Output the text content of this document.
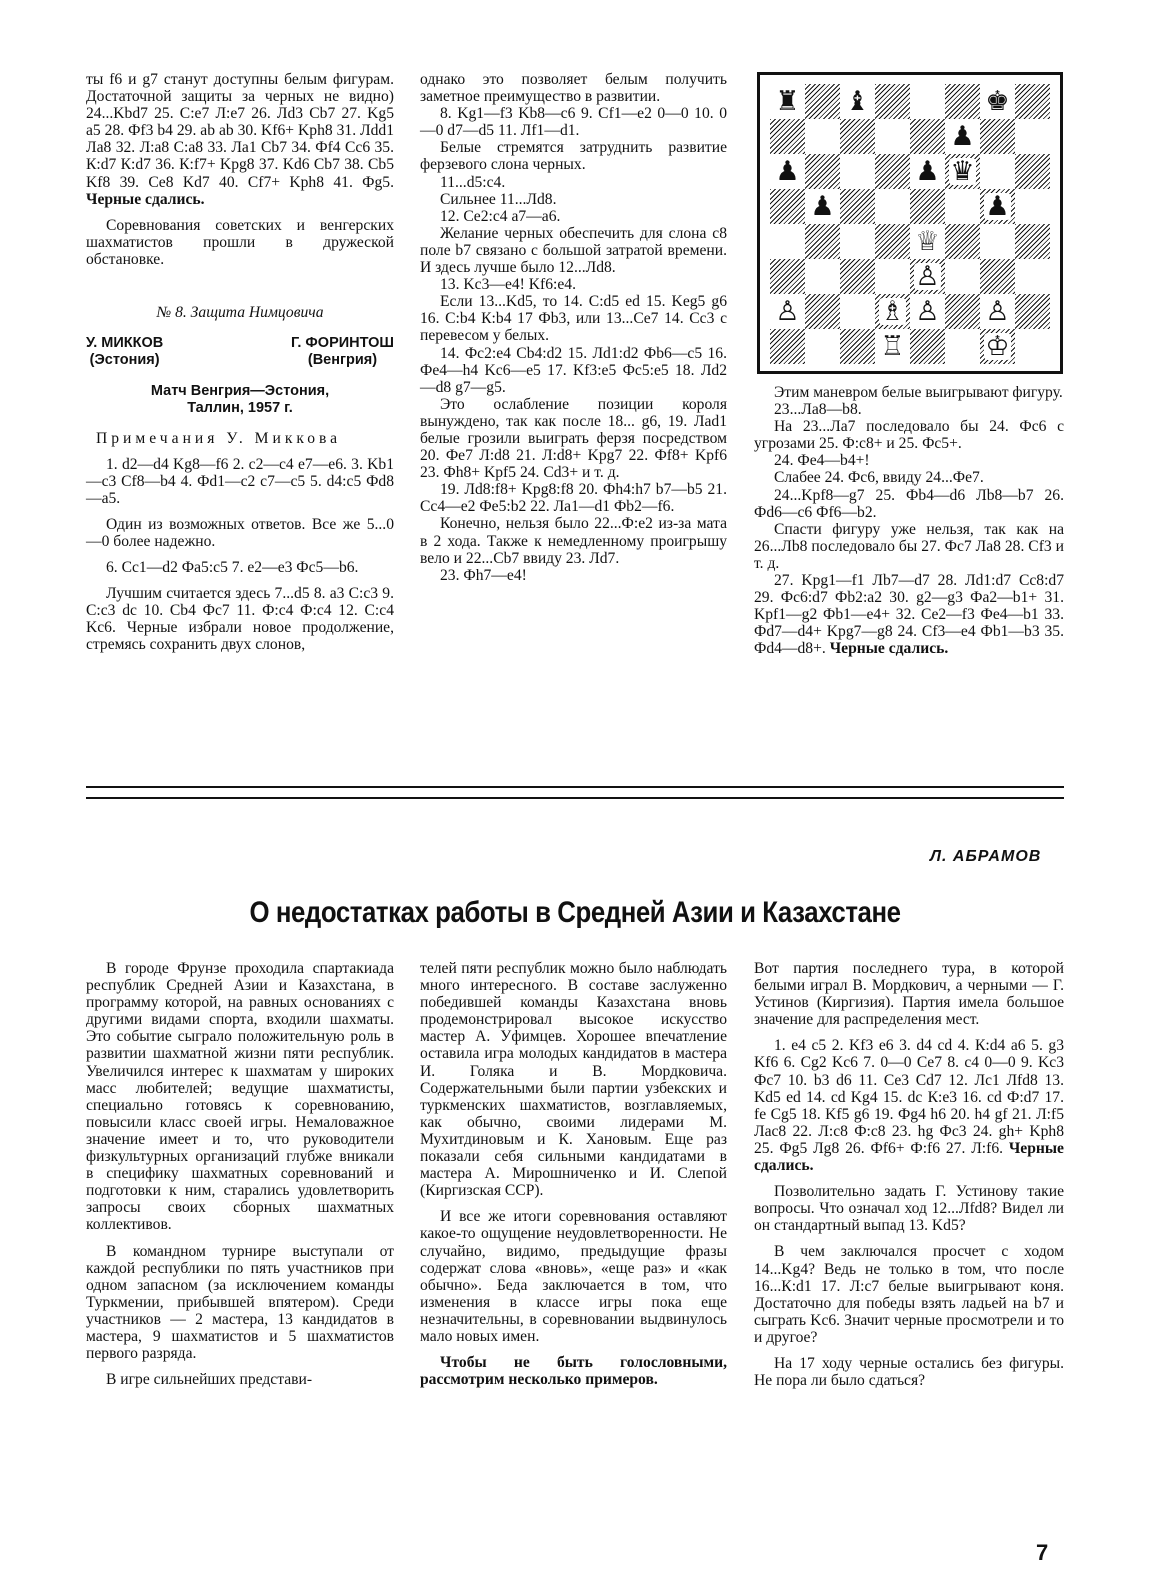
ты f6 и g7 станут доступны белым фигурам. Достаточной защиты за черных не видно) 24...Kbd7 25. С:е7 Л:е7 26. Лd3 Cb7 27. Kg5 a5 28. Фf3 b4 29. ab ab 30. Kf6+ Kph8 31. Лdd1 Ла8 32. Л:а8 С:а8 33. Ла1 Cb7 34. Фf4 Cc6 35. К:d7 К:d7 36. К:f7+ Kpg8 37. Kd6 Cb7 38. Cb5 Kf8 39. Ce8 Kd7 40. Cf7+ Kph8 41. Фg5. Черные сдались.

Соревнования советских и венгерских шахматистов прошли в дружеской обстановке.

№ 8. Защита Нимцовича

У. МИККОВ
(Эстония)
Г. ФОРИНТОШ
(Венгрия)

Матч Венгрия—Эстония,
Таллин, 1957 г.

Примечания У. Миккова

1. d2—d4 Kg8—f6 2. c2—c4 e7—e6. 3. Kb1—c3 Cf8—b4 4. Фd1—c2 c7—c5 5. d4:c5 Фd8—a5.

Один из возможных ответов. Все же 5...0—0 более надежно.

6. Cc1—d2 Фа5:c5 7. e2—e3 Фс5—b6.

Лучшим считается здесь 7...d5 8. a3 С:c3 9. С:c3 dc 10. Cb4 Фс7 11. Ф:c4 Ф:c4 12. С:c4 Kc6. Черные избрали новое продолжение, стремясь сохранить двух слонов,

однако это позволяет белым получить заметное преимущество в развитии.

8. Kg1—f3 Kb8—c6 9. Cf1—e2 0—0 10. 0—0 d7—d5 11. Лf1—d1.

Белые стремятся затруднить развитие ферзевого слона черных.

11...d5:c4.

Сильнее 11...Лd8.

12. Ce2:c4 a7—a6.

Желание черных обеспечить для слона c8 поле b7 связано с большой затратой времени. И здесь лучше было 12...Лd8.

13. Kc3—e4! Kf6:e4.

Если 13...Kd5, то 14. С:d5 ed 15. Keg5 g6 16. С:b4 К:b4 17 Фb3, или 13...Ce7 14. Cc3 с перевесом у белых.

14. Фс2:e4 Cb4:d2 15. Лd1:d2 Фb6—c5 16. Фе4—h4 Kc6—e5 17. Kf3:e5 Фс5:e5 18. Лd2—d8 g7—g5.

Это ослабление позиции короля вынуждено, так как после 18... g6, 19. Лad1 белые грозили выиграть ферзя посредством 20. Фе7 Л:d8 21. Л:d8+ Kpg7 22. Фf8+ Kpf6 23. Фh8+ Kpf5 24. Cd3+ и т. д.

19. Лd8:f8+ Kpg8:f8 20. Фh4:h7 b7—b5 21. Cc4—e2 Фе5:b2 22. Ла1—d1 Фb2—f6.

Конечно, нельзя было 22...Ф:e2 из-за мата в 2 хода. Также к немедленному проигрышу вело и 22...Cb7 ввиду 23. Лd7.

23. Фh7—e4!

♜ ♝	♚
♟
♟	♟ ♛
♟	♟
♕
♙
♙	♗ ♙ ♙
♖	♔

Этим маневром белые выигрывают фигуру.

23...Ла8—b8.

На 23...Ла7 последовало бы 24. Фс6 с угрозами 25. Ф:c8+ и 25. Фс5+.

24. Фе4—b4+!

Слабее 24. Фс6, ввиду 24...Фе7.

24...Kpf8—g7 25. Фb4—d6 Лb8—b7 26. Фd6—c6 Фf6—b2.

Спасти фигуру уже нельзя, так как на 26...Лb8 последовало бы 27. Фс7 Ла8 28. Cf3 и т. д.

27. Kpg1—f1 Лb7—d7 28. Лd1:d7 Cc8:d7 29. Фс6:d7 Фb2:a2 30. g2—g3 Фа2—b1+ 31. Kpf1—g2 Фb1—e4+ 32. Ce2—f3 Фе4—b1 33. Фd7—d4+ Kpg7—g8 24. Cf3—e4 Фb1—b3 35. Фd4—d8+. Черные сдались.

Л. АБРАМОВ
О недостатках работы в Средней Азии и Казахстане

В городе Фрунзе проходила спартакиада республик Средней Азии и Казахстана, в программу которой, на равных основаниях с другими видами спорта, входили шахматы. Это событие сыграло положительную роль в развитии шахматной жизни пяти республик. Увеличился интерес к шахматам у широких масс любителей; ведущие шахматисты, специально готовясь к соревнованию, повысили класс своей игры. Немаловажное значение имеет и то, что руководители физкультурных организаций глубже вникали в специфику шахматных соревнований и подготовки к ним, старались удовлетворить запросы своих сборных шахматных коллективов.

В командном турнире выступали от каждой республики по пять участников при одном запасном (за исключением команды Туркмении, прибывшей впятером). Среди участников — 2 мастера, 13 кандидатов в мастера, 9 шахматистов и 5 шахматистов первого разряда.

В игре сильнейших представи-

телей пяти республик можно было наблюдать много интересного. В составе заслуженно победившей команды Казахстана вновь продемонстрировал высокое искусство мастер А. Уфимцев. Хорошее впечатление оставила игра молодых кандидатов в мастера И. Голяка и В. Мордковича. Содержательными были партии узбекских и туркменских шахматистов, возглавляемых, как обычно, своими лидерами М. Мухитдиновым и К. Хановым. Еще раз показали себя сильными кандидатами в мастера А. Мирошниченко и И. Слепой (Киргизская ССР).

И все же итоги соревнования оставляют какое-то ощущение неудовлетворенности. Не случайно, видимо, предыдущие фразы содержат слова «вновь», «еще раз» и «как обычно». Беда заключается в том, что изменения в классе игры пока еще незначительны, в соревновании выдвинулось мало новых имен.

Чтобы не быть голословными, рассмотрим несколько примеров.

Вот партия последнего тура, в которой белыми играл В. Мордкович, а черными — Г. Устинов (Киргизия). Партия имела большое значение для распределения мест.

1. e4 c5 2. Kf3 e6 3. d4 cd 4. К:d4 a6 5. g3 Kf6 6. Cg2 Kc6 7. 0—0 Ce7 8. c4 0—0 9. Kc3 Фс7 10. b3 d6 11. Ce3 Cd7 12. Лc1 Лfd8 13. Kd5 ed 14. cd Kg4 15. dc К:e3 16. cd Ф:d7 17. fe Cg5 18. Kf5 g6 19. Фg4 h6 20. h4 gf 21. Л:f5 Лac8 22. Л:c8 Ф:c8 23. hg Фс3 24. gh+ Kph8 25. Фg5 Лg8 26. Фf6+ Ф:f6 27. Л:f6. Черные сдались.

Позволительно задать Г. Устинову такие вопросы. Что означал ход 12...Лfd8? Видел ли он стандартный выпад 13. Kd5?

В чем заключался просчет с ходом 14...Kg4? Ведь не только в том, что после 16...К:d1 17. Л:c7 белые выигрывают коня. Достаточно для победы взять ладьей на b7 и сыграть Kc6. Значит черные просмотрели и то и другое?

На 17 ходу черные остались без фигуры. Не пора ли было сдаться?

7
